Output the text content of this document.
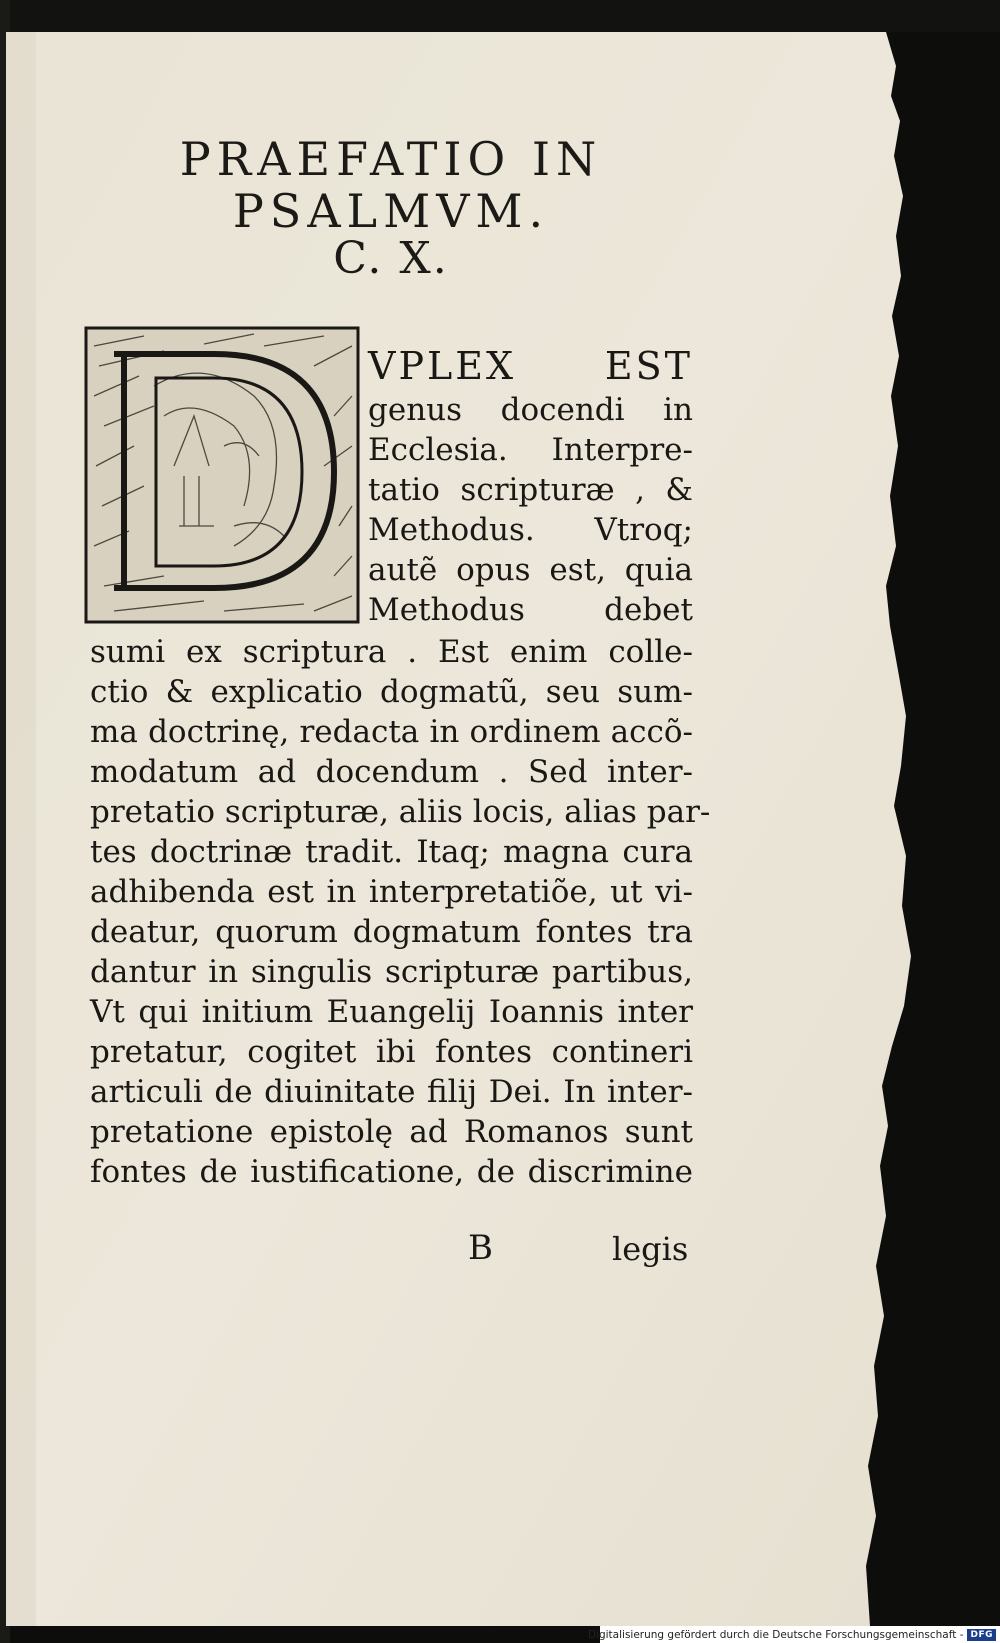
PRAEFATIO IN
PSALMVM.
C. X.
VPLEX EST
genus docendi in
Ecclesia. Interpre-
tatio scripturæ , &
Methodus. Vtroq;
autẽ opus est, quia
Methodus debet
sumi ex scriptura . Est enim colle-
ctio & explicatio dogmatũ, seu sum-
ma doctrinę, redacta in ordinem accõ-
modatum ad docendum . Sed inter-
pretatio scripturæ, aliis locis, alias par-
tes doctrinæ tradit. Itaq; magna cura
adhibenda est in interpretatiõe, ut vi-
deatur, quorum dogmatum fontes tra
dantur in singulis scripturæ partibus,
Vt qui initium Euangelij Ioannis inter
pretatur, cogitet ibi fontes contineri
articuli de diuinitate filij Dei. In inter-
pretatione epistolę ad Romanos sunt
fontes de iustificatione, de discrimine
B	legis
Digitalisierung gefördert durch die Deutsche Forschungsgemeinschaft - DFG
